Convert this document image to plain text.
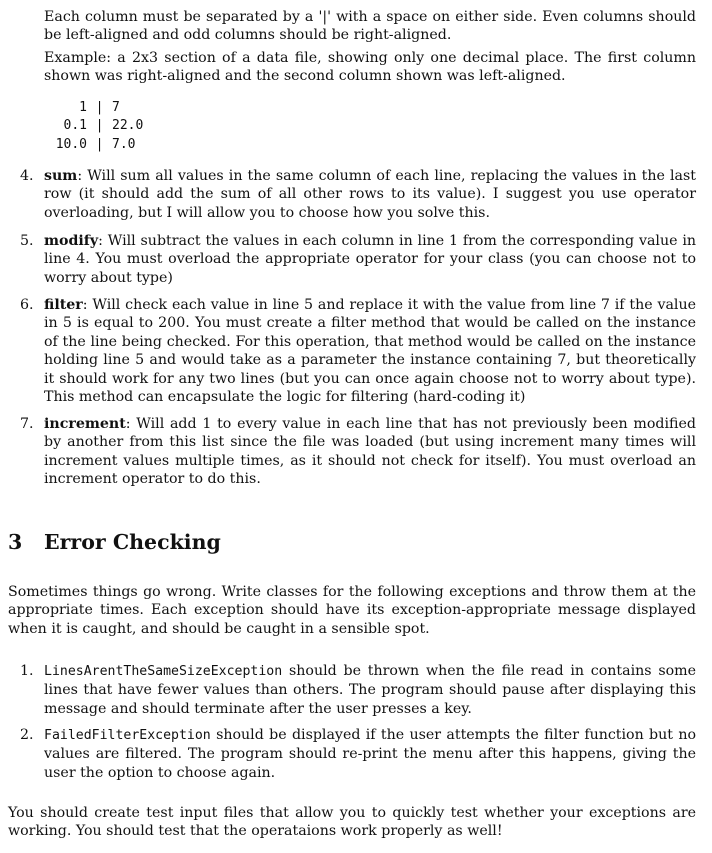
Each column must be separated by a '|' with a space on either side. Even columns should be left-aligned and odd columns should be right-aligned.

Example: a 2x3 section of a data file, showing only one decimal place. The first column shown was right-aligned and the second column shown was left-aligned.

1 | 7
0.1 | 22.0
10.0 | 7.0
4. sum: Will sum all values in the same column of each line, replacing the values in the last row (it should add the sum of all other rows to its value). I suggest you use operator overloading, but I will allow you to choose how you solve this.

5. modify: Will subtract the values in each column in line 1 from the corresponding value in line 4. You must overload the appropriate operator for your class (you can choose not to worry about type)

6. filter: Will check each value in line 5 and replace it with the value from line 7 if the value in 5 is equal to 200. You must create a filter method that would be called on the instance of the line being checked. For this operation, that method would be called on the instance holding line 5 and would take as a parameter the instance containing 7, but theoretically it should work for any two lines (but you can once again choose not to worry about type). This method can encapsulate the logic for filtering (hard-coding it)

7. increment: Will add 1 to every value in each line that has not previously been modified by another from this list since the file was loaded (but using increment many times will increment values multiple times, as it should not check for itself). You must overload an increment operator to do this.

3 Error Checking

Sometimes things go wrong. Write classes for the following exceptions and throw them at the appropriate times. Each exception should have its exception-appropriate message displayed when it is caught, and should be caught in a sensible spot.

1. LinesArentTheSameSizeException should be thrown when the file read in contains some lines that have fewer values than others. The program should pause after displaying this message and should terminate after the user presses a key.

2. FailedFilterException should be displayed if the user attempts the filter function but no values are filtered. The program should re-print the menu after this happens, giving the user the option to choose again.

You should create test input files that allow you to quickly test whether your exceptions are working. You should test that the operataions work properly as well!
